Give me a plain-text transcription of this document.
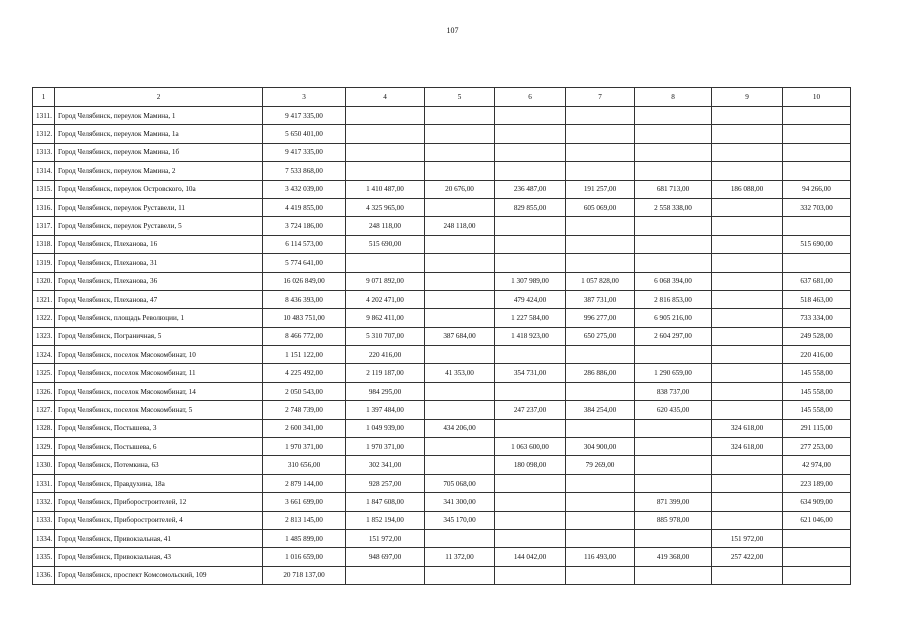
107
1	2	3	4	5	6	7	8	9	10
1311.	Город Челябинск, переулок Мамина, 1	9 417 335,00							
1312.	Город Челябинск, переулок Мамина, 1а	5 650 401,00							
1313.	Город Челябинск, переулок Мамина, 1б	9 417 335,00							
1314.	Город Челябинск, переулок Мамина, 2	7 533 868,00							
1315.	Город Челябинск, переулок Островского, 10а	3 432 039,00	1 410 487,00	20 676,00	236 487,00	191 257,00	681 713,00	186 088,00	94 266,00
1316.	Город Челябинск, переулок Руставели, 11	4 419 855,00	4 325 965,00		829 855,00	605 069,00	2 558 338,00		332 703,00
1317.	Город Челябинск, переулок Руставели, 5	3 724 186,00	248 118,00	248 118,00					
1318.	Город Челябинск, Плеханова, 16	6 114 573,00	515 690,00						515 690,00
1319.	Город Челябинск, Плеханова, 31	5 774 641,00							
1320.	Город Челябинск, Плеханова, 36	16 026 849,00	9 071 892,00		1 307 989,00	1 057 828,00	6 068 394,00		637 681,00
1321.	Город Челябинск, Плеханова, 47	8 436 393,00	4 202 471,00		479 424,00	387 731,00	2 816 853,00		518 463,00
1322.	Город Челябинск, площадь Революции, 1	10 483 751,00	9 862 411,00		1 227 584,00	996 277,00	6 905 216,00		733 334,00
1323.	Город Челябинск, Пограничная, 5	8 466 772,00	5 310 707,00	387 684,00	1 418 923,00	650 275,00	2 604 297,00		249 528,00
1324.	Город Челябинск, поселок Мясокомбинат, 10	1 151 122,00	220 416,00						220 416,00
1325.	Город Челябинск, поселок Мясокомбинат, 11	4 225 492,00	2 119 187,00	41 353,00	354 731,00	286 886,00	1 290 659,00		145 558,00
1326.	Город Челябинск, поселок Мясокомбинат, 14	2 050 543,00	984 295,00				838 737,00		145 558,00
1327.	Город Челябинск, поселок Мясокомбинат, 5	2 748 739,00	1 397 484,00		247 237,00	384 254,00	620 435,00		145 558,00
1328.	Город Челябинск, Постышева, 3	2 600 341,00	1 049 939,00	434 206,00				324 618,00	291 115,00
1329.	Город Челябинск, Постышева, 6	1 970 371,00	1 970 371,00		1 063 600,00	304 900,00		324 618,00	277 253,00
1330.	Город Челябинск, Потемкина, 63	310 656,00	302 341,00		180 098,00	79 269,00			42 974,00
1331.	Город Челябинск, Правдухина, 18а	2 879 144,00	928 257,00	705 068,00					223 189,00
1332.	Город Челябинск, Приборостроителей, 12	3 661 699,00	1 847 608,00	341 300,00			871 399,00		634 909,00
1333.	Город Челябинск, Приборостроителей, 4	2 813 145,00	1 852 194,00	345 170,00			885 978,00		621 046,00
1334.	Город Челябинск, Привокзальная, 41	1 485 899,00	151 972,00					151 972,00	
1335.	Город Челябинск, Привокзальная, 43	1 016 659,00	948 697,00	11 372,00	144 042,00	116 493,00	419 368,00	257 422,00	
1336.	Город Челябинск, проспект Комсомольский, 109	20 718 137,00							
